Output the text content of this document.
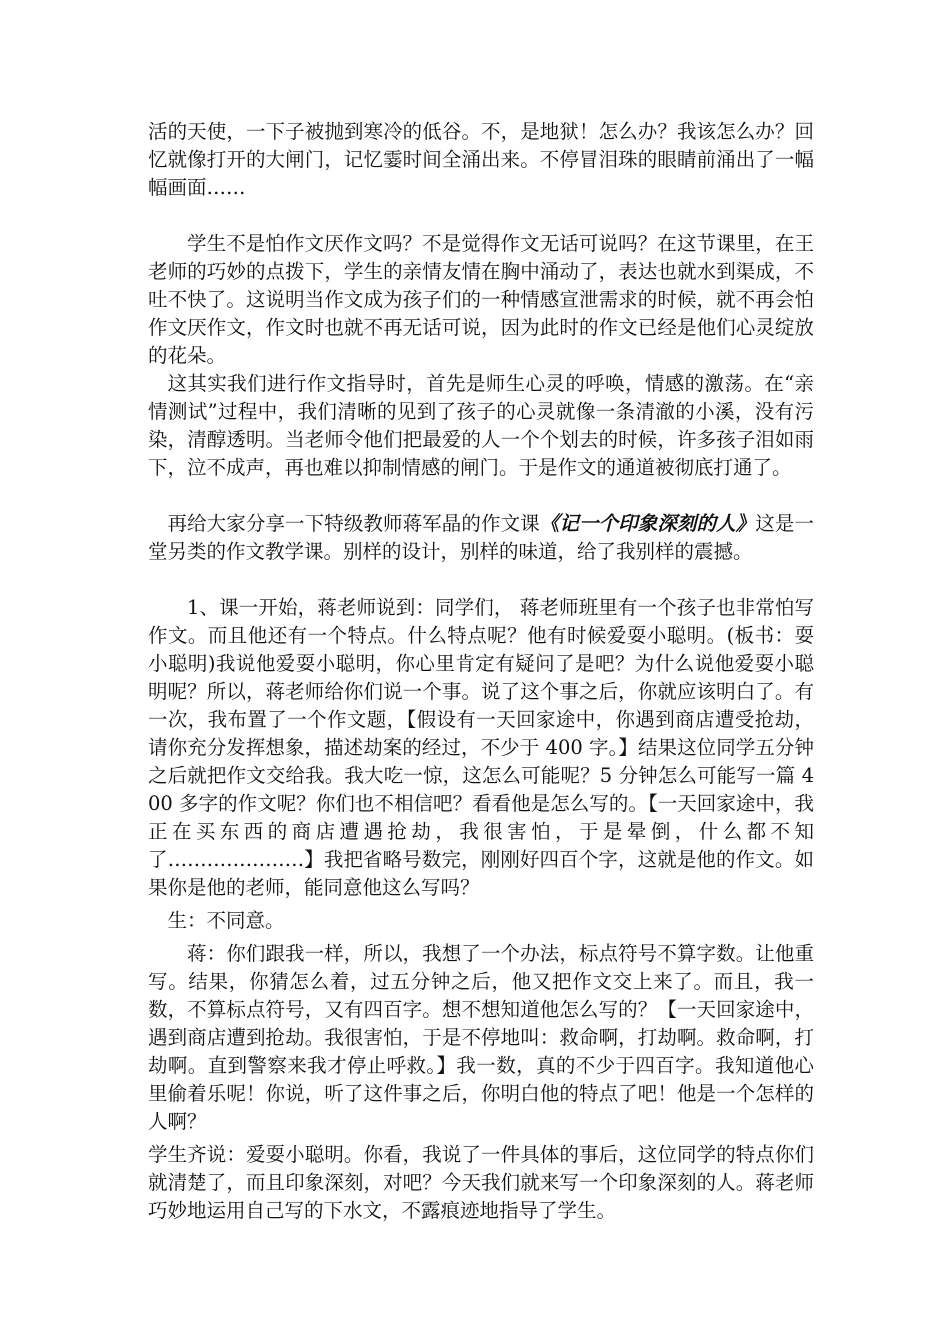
活的天使，一下子被抛到寒冷的低谷。不，是地狱！怎么办？我该怎么办？回忆就像打开的大闸门，记忆霎时间全涌出来。不停冒泪珠的眼睛前涌出了一幅幅画面……

学生不是怕作文厌作文吗？不是觉得作文无话可说吗？在这节课里，在王老师的巧妙的点拨下，学生的亲情友情在胸中涌动了，表达也就水到渠成，不吐不快了。这说明当作文成为孩子们的一种情感宣泄需求的时候，就不再会怕作文厌作文，作文时也就不再无话可说，因为此时的作文已经是他们心灵绽放的花朵。

这其实我们进行作文指导时，首先是师生心灵的呼唤，情感的激荡。在“亲情测试”过程中，我们清晰的见到了孩子的心灵就像一条清澈的小溪，没有污染，清醇透明。当老师令他们把最爱的人一个个划去的时候，许多孩子泪如雨下，泣不成声，再也难以抑制情感的闸门。于是作文的通道被彻底打通了。

再给大家分享一下特级教师蒋军晶的作文课《记一个印象深刻的人》这是一堂另类的作文教学课。别样的设计，别样的味道，给了我别样的震撼。

1、课一开始，蒋老师说到：同学们， 蒋老师班里有一个孩子也非常怕写作文。而且他还有一个特点。什么特点呢？他有时候爱耍小聪明。(板书：耍小聪明)我说他爱耍小聪明，你心里肯定有疑问了是吧？为什么说他爱耍小聪明呢？所以，蒋老师给你们说一个事。说了这个事之后，你就应该明白了。有一次，我布置了一个作文题，【假设有一天回家途中，你遇到商店遭受抢劫，请你充分发挥想象，描述劫案的经过，不少于 400 字。】结果这位同学五分钟之后就把作文交给我。我大吃一惊，这怎么可能呢？5 分钟怎么可能写一篇 400 多字的作文呢？你们也不相信吧？看看他是怎么写的。【一天回家途中，我正在买东西的商店遭遇抢劫，我很害怕，于是晕倒，什么都不知了…………………】我把省略号数完，刚刚好四百个字，这就是他的作文。如果你是他的老师，能同意他这么写吗？

生：不同意。

蒋：你们跟我一样，所以，我想了一个办法，标点符号不算字数。让他重写。结果，你猜怎么着，过五分钟之后，他又把作文交上来了。而且，我一数，不算标点符号，又有四百字。想不想知道他怎么写的？【一天回家途中，遇到商店遭到抢劫。我很害怕，于是不停地叫：救命啊，打劫啊。救命啊，打劫啊。直到警察来我才停止呼救。】我一数，真的不少于四百字。我知道他心里偷着乐呢！你说，听了这件事之后，你明白他的特点了吧！他是一个怎样的人啊？

学生齐说：爱耍小聪明。你看，我说了一件具体的事后，这位同学的特点你们就清楚了，而且印象深刻，对吧？今天我们就来写一个印象深刻的人。蒋老师巧妙地运用自己写的下水文，不露痕迹地指导了学生。
